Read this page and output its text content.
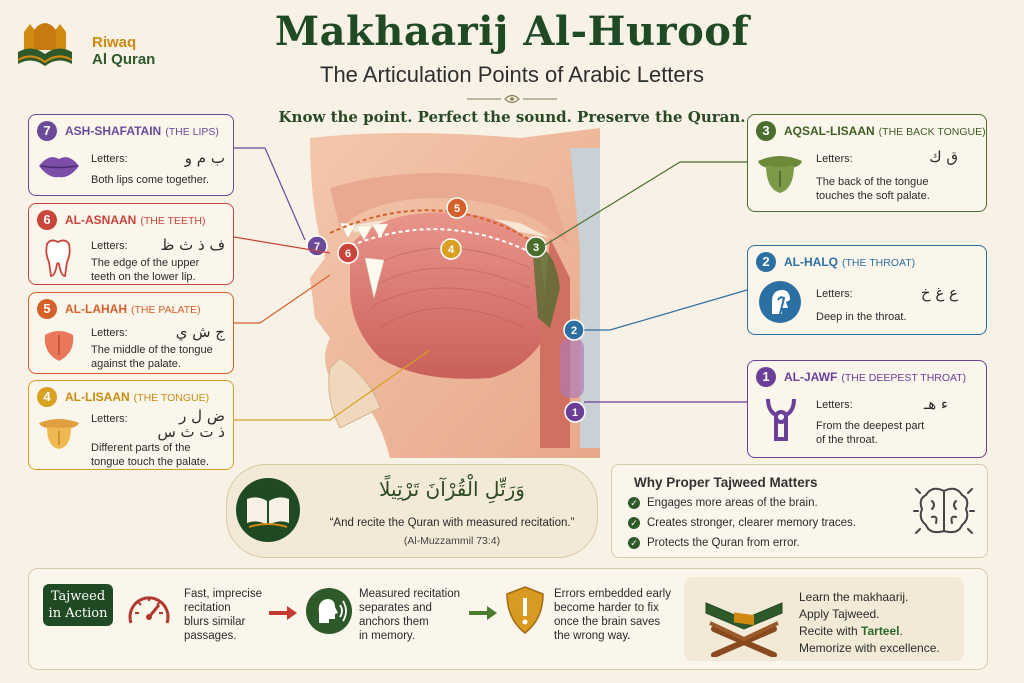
Riwaq
Al Quran
Makhaarij Al-Huroof
The Articulation Points of Arabic Letters
Know the point. Perfect the sound. Preserve the Quran.
5
4
7
6	3
2
1
7	ASH-SHAFATAIN (THE LIPS)
Letters:	ب م و
Both lips come together.
6	AL-ASNAAN (THE TEETH)
Letters:	ف ذ ث ظ
The edge of the upper
teeth on the lower lip.
5	AL-LAHAH (THE PALATE)
Letters:	ج ش ي
The middle of the tongue
against the palate.
4	AL-LISAAN (THE TONGUE)
Letters:	ض ل ر
ذ ت ث س
Different parts of the
tongue touch the palate.
3	AQSAL-LISAAN (THE BACK TONGUE)
Letters:	ق ك
The back of the tongue
touches the soft palate.
2	AL-HALQ (THE THROAT)
Letters:	ع غ خ
Deep in the throat.
1	AL-JAWF (THE DEEPEST THROAT)
Letters:	ء هـ
From the deepest part
of the throat.
وَرَتِّلِ الْقُرْآنَ تَرْتِيلًا
“And recite the Quran with measured recitation.”
(Al-Muzzammil 73:4)
Why Proper Tajweed Matters
✓ Engages more areas of the brain.
✓ Creates stronger, clearer memory traces.
✓ Protects the Quran from error.
Tajweed
in Action
Fast, imprecise
recitation
blurs similar
passages.
Measured recitation
separates and
anchors them
in memory.
Errors embedded early
become harder to fix
once the brain saves
the wrong way.
Learn the makhaarij.
Apply Tajweed.
Recite with Tarteel.
Memorize with excellence.
